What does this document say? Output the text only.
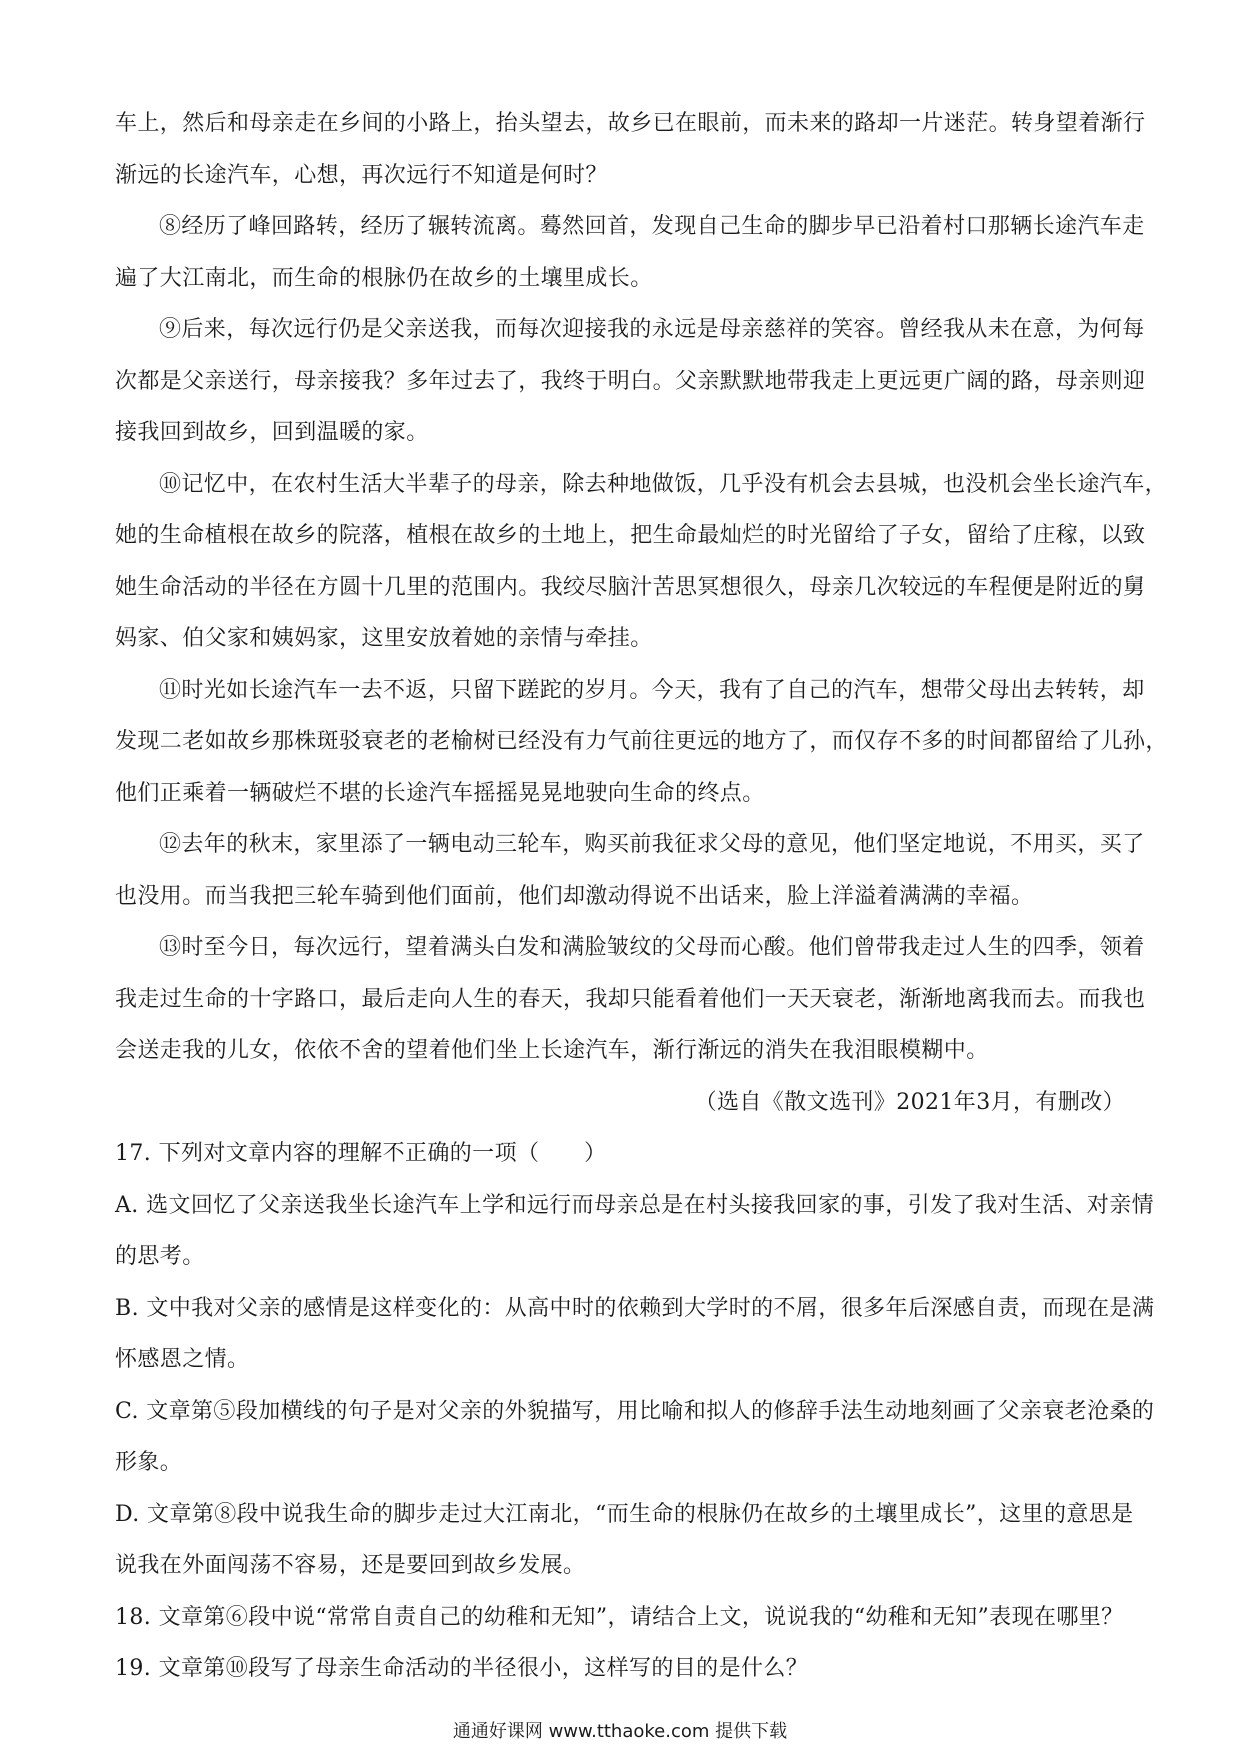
车上，然后和母亲走在乡间的小路上，抬头望去，故乡已在眼前，而未来的路却一片迷茫。转身望着渐行

渐远的长途汽车，心想，再次远行不知道是何时？

⑧经历了峰回路转，经历了辗转流离。蓦然回首，发现自己生命的脚步早已沿着村口那辆长途汽车走

遍了大江南北，而生命的根脉仍在故乡的土壤里成长。

⑨后来，每次远行仍是父亲送我，而每次迎接我的永远是母亲慈祥的笑容。曾经我从未在意，为何每

次都是父亲送行，母亲接我？多年过去了，我终于明白。父亲默默地带我走上更远更广阔的路，母亲则迎

接我回到故乡，回到温暖的家。

⑩记忆中，在农村生活大半辈子的母亲，除去种地做饭，几乎没有机会去县城，也没机会坐长途汽车，

她的生命植根在故乡的院落，植根在故乡的土地上，把生命最灿烂的时光留给了子女，留给了庄稼，以致

她生命活动的半径在方圆十几里的范围内。我绞尽脑汁苦思冥想很久，母亲几次较远的车程便是附近的舅

妈家、伯父家和姨妈家，这里安放着她的亲情与牵挂。

⑪时光如长途汽车一去不返，只留下蹉跎的岁月。今天，我有了自己的汽车，想带父母出去转转，却

发现二老如故乡那株斑驳衰老的老榆树已经没有力气前往更远的地方了，而仅存不多的时间都留给了儿孙，

他们正乘着一辆破烂不堪的长途汽车摇摇晃晃地驶向生命的终点。

⑫去年的秋末，家里添了一辆电动三轮车，购买前我征求父母的意见，他们坚定地说，不用买，买了

也没用。而当我把三轮车骑到他们面前，他们却激动得说不出话来，脸上洋溢着满满的幸福。

⑬时至今日，每次远行，望着满头白发和满脸皱纹的父母而心酸。他们曾带我走过人生的四季，领着

我走过生命的十字路口，最后走向人生的春天，我却只能看着他们一天天衰老，渐渐地离我而去。而我也

会送走我的儿女，依依不舍的望着他们坐上长途汽车，渐行渐远的消失在我泪眼模糊中。

（选自《散文选刊》2021年3月，有删改）

17. 下列对文章内容的理解不正确的一项（　　）

A. 选文回忆了父亲送我坐长途汽车上学和远行而母亲总是在村头接我回家的事，引发了我对生活、对亲情

的思考。

B. 文中我对父亲的感情是这样变化的：从高中时的依赖到大学时的不屑，很多年后深感自责，而现在是满

怀感恩之情。

C. 文章第⑤段加横线的句子是对父亲的外貌描写，用比喻和拟人的修辞手法生动地刻画了父亲衰老沧桑的

形象。

D. 文章第⑧段中说我生命的脚步走过大江南北，“而生命的根脉仍在故乡的土壤里成长”，这里的意思是

说我在外面闯荡不容易，还是要回到故乡发展。

18. 文章第⑥段中说“常常自责自己的幼稚和无知”，请结合上文，说说我的“幼稚和无知”表现在哪里？

19. 文章第⑩段写了母亲生命活动的半径很小，这样写的目的是什么？

通通好课网 www.tthaoke.com 提供下载
